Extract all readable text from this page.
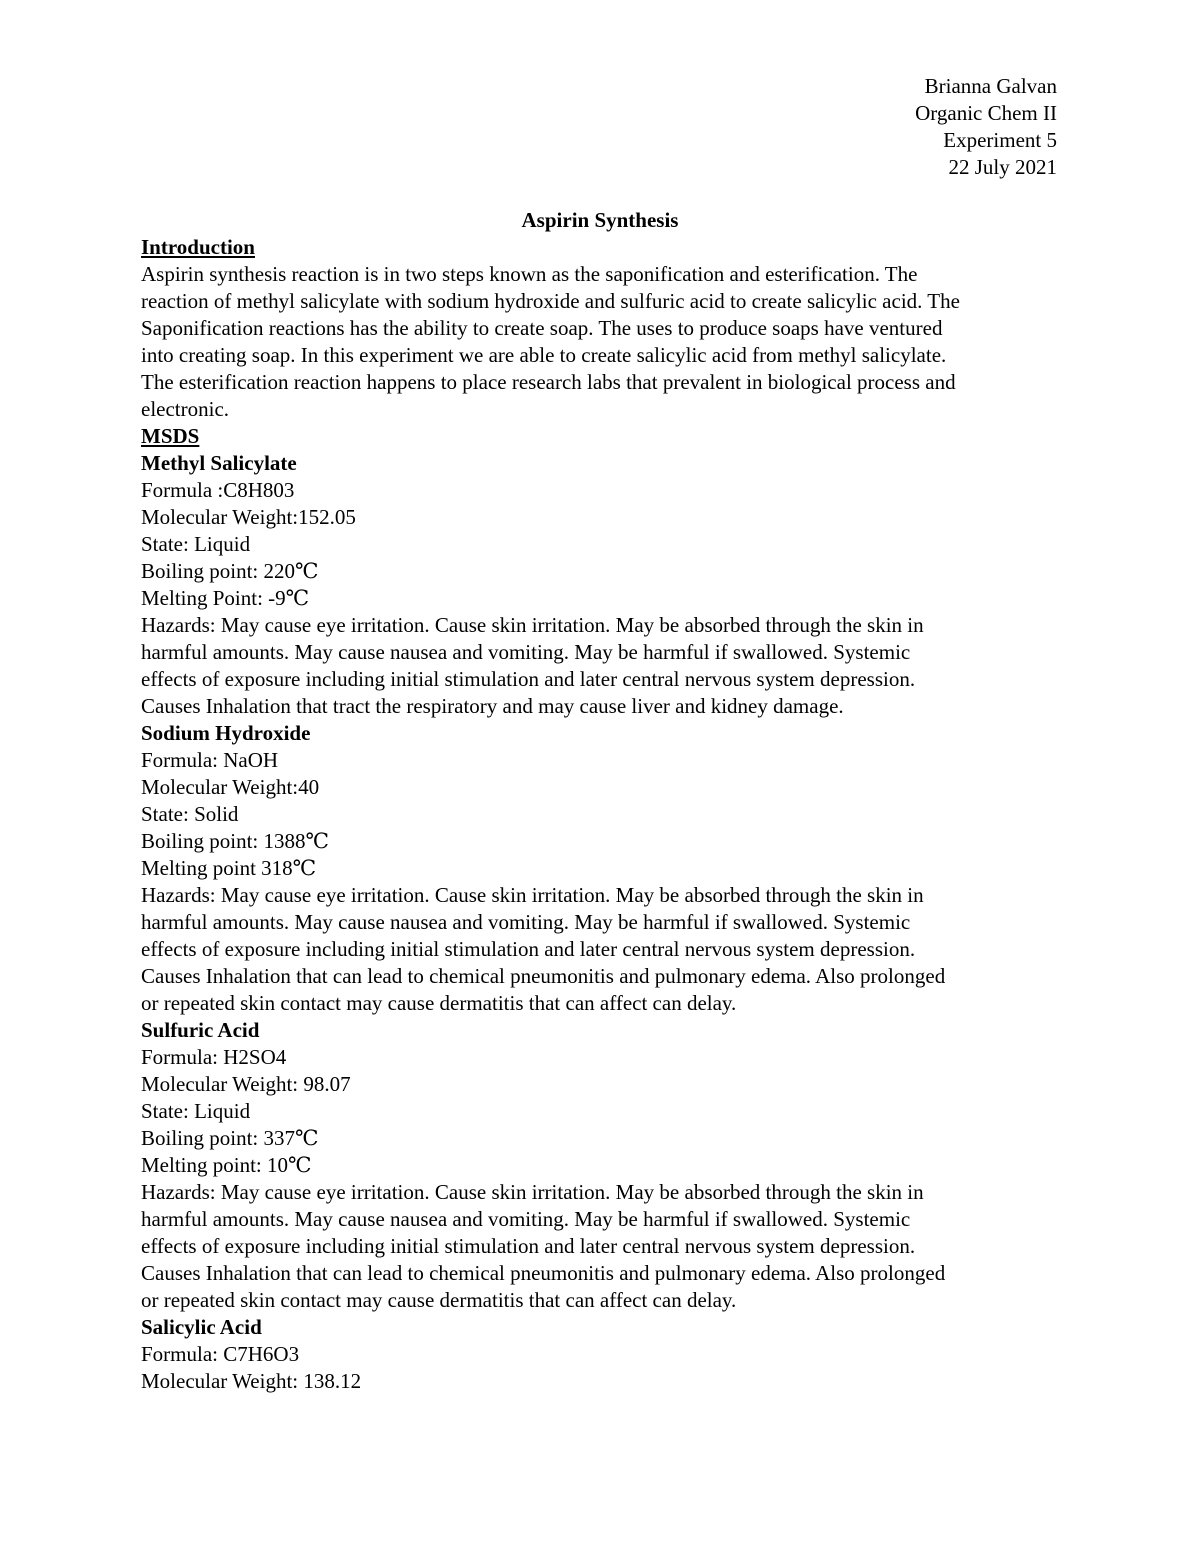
Brianna Galvan
Organic Chem II
Experiment 5
22 July 2021
Aspirin Synthesis
Introduction
Aspirin synthesis reaction is in two steps known as the saponification and esterification. The
reaction of methyl salicylate with sodium hydroxide and sulfuric acid to create salicylic acid. The
Saponification reactions has the ability to create soap. The uses to produce soaps have ventured
into creating soap. In this experiment we are able to create salicylic acid from methyl salicylate.
The esterification reaction happens to place research labs that prevalent in biological process and
electronic.
MSDS
Methyl Salicylate
Formula :C8H803
Molecular Weight:152.05
State: Liquid
Boiling point: 220℃
Melting Point: -9℃
Hazards: May cause eye irritation. Cause skin irritation. May be absorbed through the skin in
harmful amounts. May cause nausea and vomiting. May be harmful if swallowed. Systemic
effects of exposure including initial stimulation and later central nervous system depression.
Causes Inhalation that tract the respiratory and may cause liver and kidney damage.
Sodium Hydroxide
Formula: NaOH
Molecular Weight:40
State: Solid
Boiling point: 1388℃
Melting point 318℃
Hazards: May cause eye irritation. Cause skin irritation. May be absorbed through the skin in
harmful amounts. May cause nausea and vomiting. May be harmful if swallowed. Systemic
effects of exposure including initial stimulation and later central nervous system depression.
Causes Inhalation that can lead to chemical pneumonitis and pulmonary edema. Also prolonged
or repeated skin contact may cause dermatitis that can affect can delay.
Sulfuric Acid
Formula: H2SO4
Molecular Weight: 98.07
State: Liquid
Boiling point: 337℃
Melting point: 10℃
Hazards: May cause eye irritation. Cause skin irritation. May be absorbed through the skin in
harmful amounts. May cause nausea and vomiting. May be harmful if swallowed. Systemic
effects of exposure including initial stimulation and later central nervous system depression.
Causes Inhalation that can lead to chemical pneumonitis and pulmonary edema. Also prolonged
or repeated skin contact may cause dermatitis that can affect can delay.
Salicylic Acid
Formula: C7H6O3
Molecular Weight: 138.12
